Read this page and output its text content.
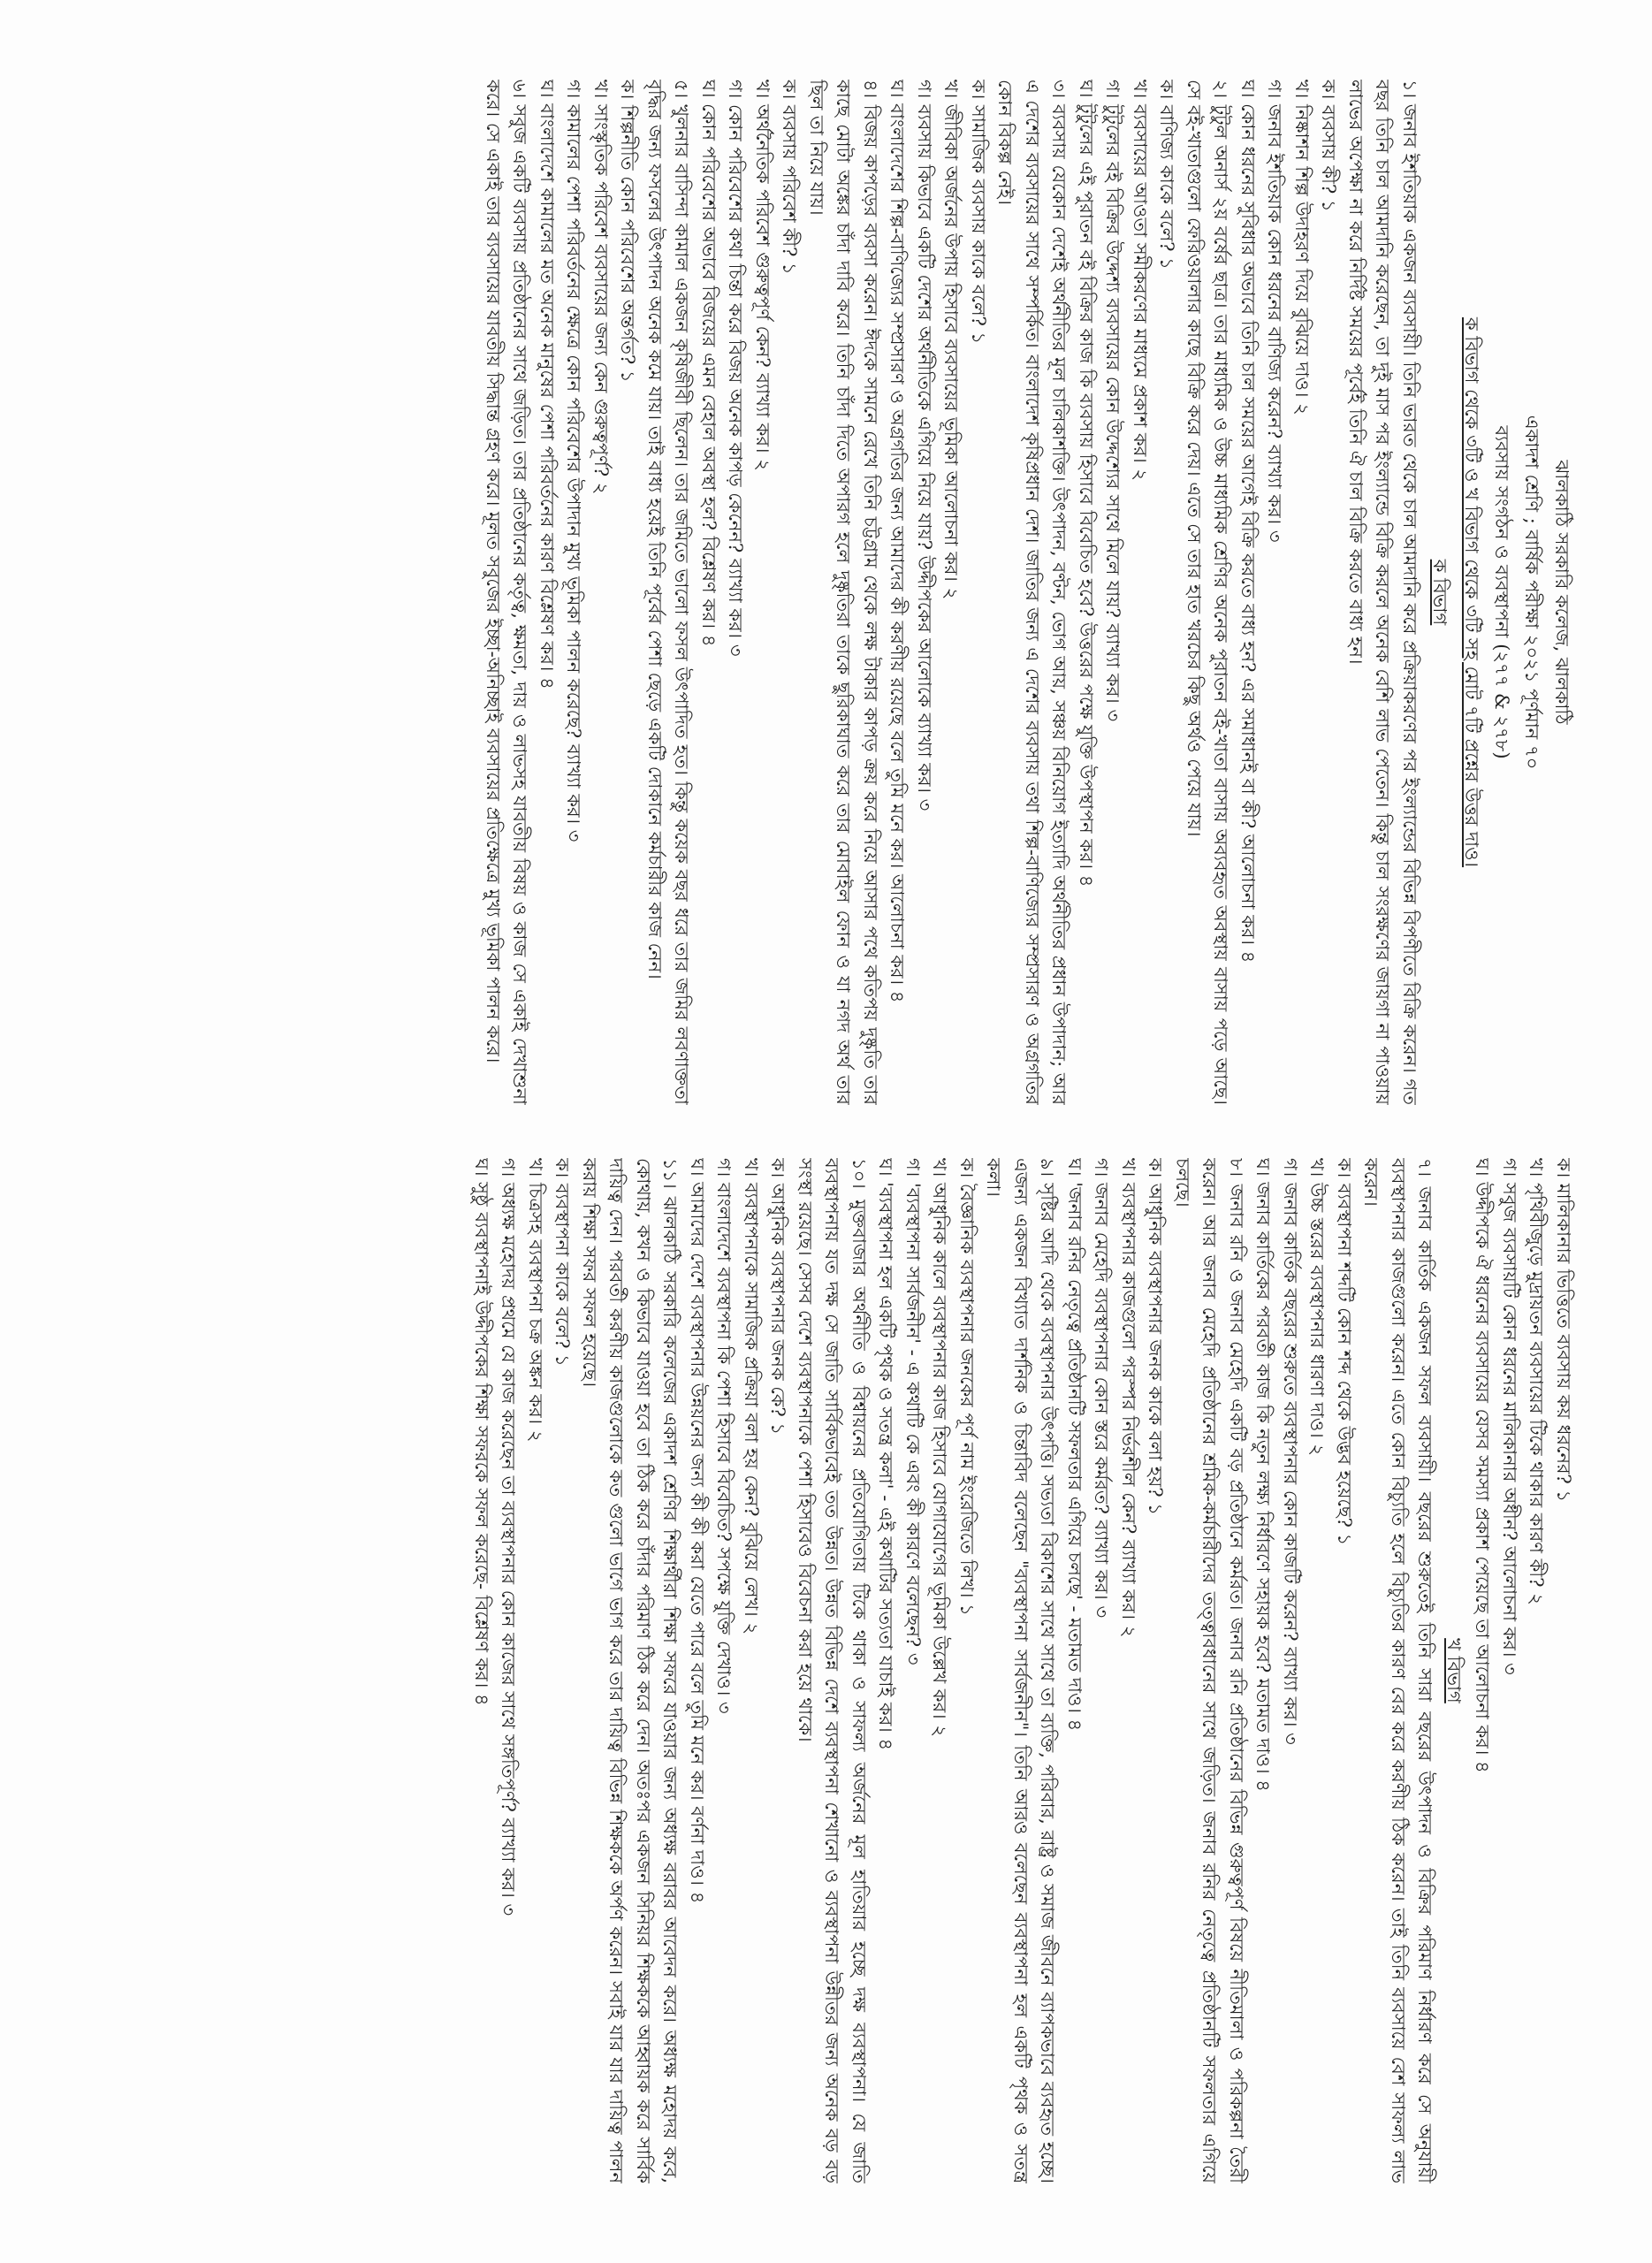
ঝালকাঠি সরকারি কলেজ, ঝালকাঠি
একাদশ শ্রেণি ; বার্ষিক পরীক্ষা ২০২১ পূর্ণমান ৭০
ব্যবসায় সংগঠন ও ব্যবস্থাপনা (২৭৭ & ২৭৮)
ক বিভাগ থেকে ৩টি ও খ বিভাগ থেকে ৩টি সহ মোট ৭টি প্রশ্নের উত্তর দাও।
ক বিভাগ

১। জনাব ইশতিয়াক একজন ব্যবসায়ী। তিনি ভারত থেকে চাল আমদানি করে প্রক্রিয়াকরণের পর ইংল্যান্ডের বিভিন্ন বিপণীতে বিক্রি করেন। গত বছর তিনি চাল আমদানি করেছেন, তা দুই মাস পর ইংল্যান্ডে বিক্রি করলে অনেক বেশি লাভ পেতেন। কিন্তু চাল সংরক্ষণের জায়গা না পাওয়ায় লাভের অপেক্ষা না করে নির্দিষ্ট সময়ের পূর্বেই তিনি ঐ চাল বিক্রি করতে বাধ্য হন।

ক। ব্যবসায় কী? ১

খ। নিষ্কাশন শিল্প উদাহরণ দিয়ে বুঝিয়ে দাও। ২

গ। জনাব ইশতিয়াক কোন ধরনের বাণিজ্য করেন? ব্যাখ্যা কর। ৩

ঘ। কোন ধরনের সুবিধার অভাবে তিনি চাল সময়ের আগেই বিক্রি করতে বাধ্য হন? এর সমাধানই বা কী? আলোচনা কর। ৪

২। টুটুল অনার্স ২য় বর্ষের ছাত্র। তার মাধ্যমিক ও উচ্চ মাধ্যমিক শ্রেণির অনেক পুরাতন বই-খাতা বাসায় অব্যবহৃত অবস্থায় বাসায় পড়ে আছে। সে বই-খাতাগুলো ফেরিওয়ালার কাছে বিক্রি করে দেয়। এতে সে তার হাত খরচের কিছু অর্থও পেয়ে যায়।

ক। বাণিজ্য কাকে বলে? ১

খ। ব্যবসায়ের আওতা সমীকরণের মাধ্যমে প্রকাশ কর। ২

গ। টুটুলের বই বিক্রির উদ্দেশ্য ব্যবসায়ের কোন উদ্দেশ্যের সাথে মিলে যায়? ব্যাখ্যা কর। ৩

ঘ। টুটুলের এই পুরাতন বই বিক্রির কাজ কি ব্যবসায় হিসাবে বিবেচিত হবে? উত্তরের পক্ষে যুক্তি উপস্থাপন কর। ৪

৩। ব্যবসায় যেকোন দেশেই অর্থনীতির মূল চালিকাশক্তি। উৎপাদন, বণ্টন, ভোগ আয়, সঞ্চয় বিনিয়োগ ইত্যাদি অর্থনীতির প্রধান উপাদান; আর এ দেশের ব্যবসায়ের সাথে সম্পর্কিত। বাংলাদেশ কৃষিপ্রধান দেশ। জাতির জন্য এ দেশের ব্যবসায় তথা শিল্প-বাণিজ্যের সম্প্রসারণ ও অগ্রগতির কোন বিকল্প নেই।

ক। সামাজিক ব্যবসায় কাকে বলে? ১

খ। জীবিকা অর্জনের উপায় হিসাবে ব্যবসায়ের ভূমিকা আলোচনা কর। ২

গ। ব্যবসায় কিভাবে একটি দেশের অর্থনীতিকে এগিয়ে নিয়ে যায়? উদ্দীপকের আলোকে ব্যাখ্যা কর। ৩

ঘ। বাংলাদেশের শিল্প-বাণিজ্যের সম্প্রসারণ ও অগ্রগতির জন্য আমাদের কী করণীয় রয়েছে বলে তুমি মনে কর। আলোচনা কর। ৪

৪। বিজয় কাপড়ের ব্যবসা করেন। ঈদকে সামনে রেখে তিনি চট্টগ্রাম থেকে লক্ষ টাকার কাপড় ক্রয় করে নিয়ে আসার পথে কতিপয় দুষ্কৃতি তার কাছে মোটা অঙ্কের চাঁদা দাবি করে। তিনি চাঁদা দিতে অপারগ হলে দুষ্কৃতিরা তাকে ছুরিকাঘাত করে তার মোবাইল ফোন ও যা নগদ অর্থ তার ছিল তা নিয়ে যায়।

ক। ব্যবসায় পরিবেশ কী? ১

খ। অর্থনৈতিক পরিবেশ গুরুত্বপূর্ণ কেন? ব্যাখ্যা কর। ২

গ। কোন পরিবেশের কথা চিন্তা করে বিজয় অনেক কাপড় কেনেন? ব্যাখ্যা কর। ৩

ঘ। কোন পরিবেশের অভাবে বিজয়ের এমন বেহাল অবস্থা হল? বিশ্লেষণ কর। ৪

৫। খুলনার বাসিন্দা কামাল একজন কৃষিজীবী ছিলেন। তার জমিতে ভালো ফসল উৎপাদিত হত। কিন্তু কয়েক বছর ধরে তার জমির লবণাক্ততা বৃদ্ধির জন্য ফসলের উৎপাদন অনেক কমে যায়। তাই বাধ্য হয়েই তিনি পূর্বের পেশা ছেড়ে একটি দোকানে কর্মচারীর কাজ নেন।

ক। শিল্পনীতি কোন পরিবেশের অন্তর্গত? ১

খ। সাংস্কৃতিক পরিবেশ ব্যবসায়ের জন্য কেন গুরুত্বপূর্ণ? ২

গ। কামালের পেশা পরিবর্তনের ক্ষেত্রে কোন পরিবেশের উপাদান মুখ্য ভূমিকা পালন করেছে? ব্যাখ্যা কর। ৩

ঘ। বাংলাদেশে কামালের মত অনেক মানুষের পেশা পরিবর্তনের কারণ বিশ্লেষণ কর। ৪

৬। সবুজ একটি ব্যবসায় প্রতিষ্ঠানের সাথে জড়িত। তার প্রতিষ্ঠানের কর্তৃত্ব, ক্ষমতা, দায় ও লাভসহ যাবতীয় বিষয় ও কাজ সে একাই দেখাশুনা করে। সে একাই তার ব্যবসায়ের যাবতীয় সিদ্ধান্ত গ্রহণ করে। মূলত সবুজের ইচ্ছা-অনিচ্ছাই ব্যবসায়ের প্রতিক্ষেত্রে মুখ্য ভূমিকা পালন করে।

ক। মালিকানার ভিত্তিতে ব্যবসায় কয় ধরনের? ১

খ। পৃথিবীজুড়ে মুদ্রায়তন ব্যবসায়ের টিকে থাকার কারণ কী? ২

গ। সবুজ ব্যবসায়টি কোন ধরনের মালিকানার অধীন? আলোচনা কর। ৩

ঘ। উদ্দীপকে ঐ ধরনের ব্যবসায়ের যেসব সমস্যা প্রকাশ পেয়েছে তা আলোচনা কর। ৪

খ বিভাগ

৭। জনাব কার্তিক একজন সফল ব্যবসায়ী। বছরের শুরুতেই তিনি সারা বছরের উৎপাদন ও বিক্রির পরিমাণ নির্ধারণ করে সে অনুযায়ী ব্যবস্থাপনার কাজগুলো করেন। এতে কোন বিচ্যুতি হলে বিচ্যুতির কারণ বের করে করণীয় ঠিক করেন। তাই তিনি ব্যবসায়ে বেশ সাফল্য লাভ করেন।

ক। ব্যবস্থাপনা শব্দটি কোন শব্দ থেকে উদ্ভব হয়েছে? ১

খ। উচ্চ স্তরের ব্যবস্থাপনার ধারণা দাও। ২

গ। জনাব কার্তিক বছরের শুরুতে ব্যবস্থাপনার কোন কাজটি করেন? ব্যাখ্যা কর। ৩

ঘ। জনাব কার্তিকের পরবর্তী কাজ কি নতুন লক্ষ্য নির্ধারণে সহায়ক হবে? মতামত দাও। ৪

৮। জনাব রনি ও জনাব মেহেদি একটি বড় প্রতিষ্ঠানে কর্মরত। জনাব রনি প্রতিষ্ঠানের বিভিন্ন গুরুত্বপূর্ণ বিষয়ে নীতিমালা ও পরিকল্পনা তৈরী করেন। আর জনাব মেহেদি প্রতিষ্ঠানের শ্রমিক-কর্মচারীদের তত্ত্বাবধানের সাথে জড়িত। জনাব রনির নেতৃত্বে প্রতিষ্ঠানটি সফলতার এগিয়ে চলছে।

ক। আধুনিক ব্যবস্থাপনার জনক কাকে বলা হয়? ১

খ। ব্যবস্থাপনার কাজগুলো পরস্পর নির্ভরশীল কেন? ব্যাখ্যা কর। ২

গ। জনাব মেহেদি ব্যবস্থাপনার কোন স্তরে কর্মরত? ব্যাখ্যা কর। ৩

ঘ। 'জনাব রনির নেতৃত্বে প্রতিষ্ঠানটি সফলতার এগিয়ে চলছে' - মতামত দাও। ৪

৯। সৃষ্টির আদি থেকে ব্যবস্থাপনার উৎপত্তি। সভ্যতা বিকাশের সাথে সাথে তা ব্যক্তি, পরিবার, রাষ্ট্র ও সমাজ জীবনে ব্যাপকভাবে ব্যবহৃত হচ্ছে। এজন্য একজন বিখ্যাত দার্শনিক ও চিন্তাবিদ বলেছেন "ব্যবস্থাপনা সার্বজনীন"। তিনি আরও বলেছেন ব্যবস্থাপনা হল একটি পৃথক ও সতন্ত্র কলা।

ক। বৈজ্ঞানিক ব্যবস্থাপনার জনকের পূর্ণ নাম ইংরেজিতে লিখ। ১

খ। আধুনিক কালে ব্যবস্থাপনার কাজ হিসাবে যোগাযোগের ভূমিকা উল্লেখ কর। ২

গ। 'ব্যবস্থাপনা সার্বজনীন' - এ কথাটি কে এবং কী কারণে বলেছেন? ৩

ঘ। 'ব্যবস্থাপনা হল একটি পৃথক ও সতন্ত্র কলা' - এই কথাটির সত্যতা যাচাই কর। ৪

১০। মুক্তবাজার অর্থনীতি ও বিশ্বায়নের প্রতিযোগিতায় টিকে থাকা ও সাফল্য অর্জনের মূল হাতিয়ার হচ্ছে দক্ষ ব্যবস্থাপনা। যে জাতি ব্যবস্থাপনায় যত দক্ষ সে জাতি সার্বিকভাবেই তত উন্নত। উন্নত বিভিন্ন দেশে ব্যবস্থাপনা শেখানো ও ব্যবস্থাপনা উন্নীতর জন্য অনেক বড় বড় সংস্থা রয়েছে। সেসব দেশে ব্যবস্থাপনাকে পেশা হিসাবেও বিবেচনা করা হয়ে থাকে।

ক। আধুনিক ব্যবস্থাপনার জনক কে? ১

খ। ব্যবস্থাপনাকে সামাজিক প্রক্রিয়া বলা হয় কেন? বুঝিয়ে লেখ। ২

গ। বাংলাদেশে ব্যবস্থাপনা কি পেশা হিসাবে বিবেচিত? সপক্ষে যুক্তি দেখাও। ৩

ঘ। আমাদের দেশে ব্যবস্থাপনার উন্নয়নের জন্য কী কী করা যেতে পারে বলে তুমি মনে কর। বর্ণনা দাও। ৪

১১। ঝালকাঠি সরকারি কলেজের একাদশ শ্রেণির শিক্ষার্থীরা শিক্ষা সফরে যাওয়ার জন্য অধ্যক্ষ বরাবর আবেদন করে। অধ্যক্ষ মহোদয় কবে, কোথায়, কখন ও কিভাবে যাওয়া হবে তা ঠিক করে চাঁদার পরিমাণ ঠিক করে দেন। অতঃপর একজন সিনিয়র শিক্ষককে আহ্বায়ক করে সার্বিক দায়িত্ব দেন। পরবর্তী করণীয় কাজগুলোকে কত গুলো ভাগে ভাগ করে তার দায়িত্ব বিভিন্ন শিক্ষককে অর্পণ করেন। সবাই যার যার দায়িত্ব পালন করায় শিক্ষা সফর সফল হয়েছে।

ক। ব্যবস্থাপনা কাকে বলে? ১

খ। চিত্রসহ ব্যবস্থাপনা চক্র অঙ্কন কর। ২

গ। অধ্যক্ষ মহোদয় প্রথমে যে কাজ করেছেন তা ব্যবস্থাপনার কোন কাজের সাথে সঙ্গতিপূর্ণ? ব্যাখ্যা কর। ৩

ঘ। সুষ্ঠু ব্যবস্থাপনাই উদ্দীপকের শিক্ষা সফরকে সফল করেছে- বিশ্লেষণ কর। ৪
